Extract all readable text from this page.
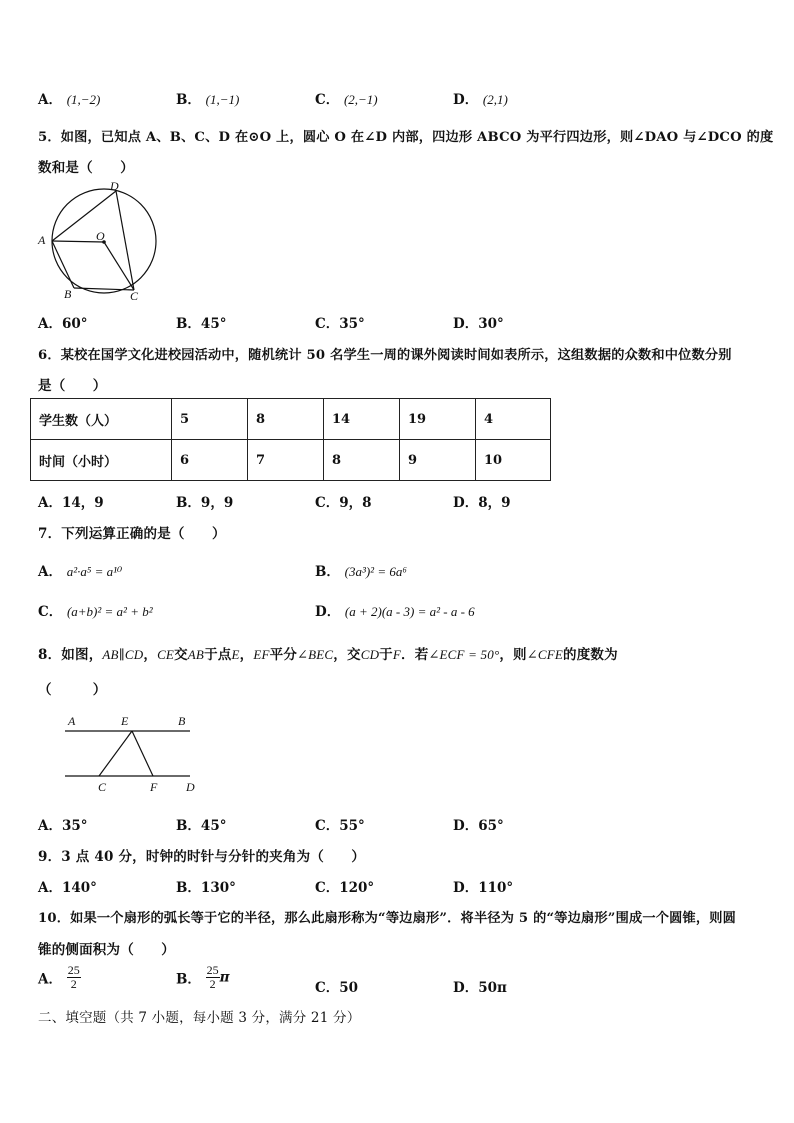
A． (1,−2)	B． (1,−1)	C． (2,−1)	D． (2,1)
5．如图，已知点 A、B、C、D 在⊙O 上，圆心 O 在∠D 内部，四边形 ABCO 为平行四边形，则∠DAO 与∠DCO 的度
数和是（　　）
A
D
O
B	C
A．60°	B．45°	C．35°	D．30°
6．某校在国学文化进校园活动中，随机统计 50 名学生一周的课外阅读时间如表所示，这组数据的众数和中位数分别
是（　　）
学生数（人）	5	8	14	19	4
时间（小时）	6	7	8	9	10
A．14，9	B．9，9	C．9，8	D．8，9
7．下列运算正确的是（　　）
A． a²·a⁵ = a¹⁰	B． (3a³)² = 6a⁶
C． (a+b)² = a² + b²	D． (a + 2)(a - 3) = a² - a - 6
8．如图，AB∥CD，CE交AB于点E，EF平分∠BEC，交CD于F．若∠ECF = 50°，则∠CFE的度数为
（　　　）
A	E	B
C	F D
A．35°	B．45°	C．55°	D．65°
9．3 点 40 分，时钟的时针与分针的夹角为（　　）
A．140°	B．130°	C．120°	D．110°
10．如果一个扇形的弧长等于它的半径，那么此扇形称为“等边扇形”．将半径为 5 的“等边扇形”围成一个圆锥，则圆
锥的侧面积为（　　）
A． $\frac{25}{2}$	B． $\frac{25}{2}$ π
C．50	D．50π
二、填空题（共 7 小题，每小题 3 分，满分 21 分）
